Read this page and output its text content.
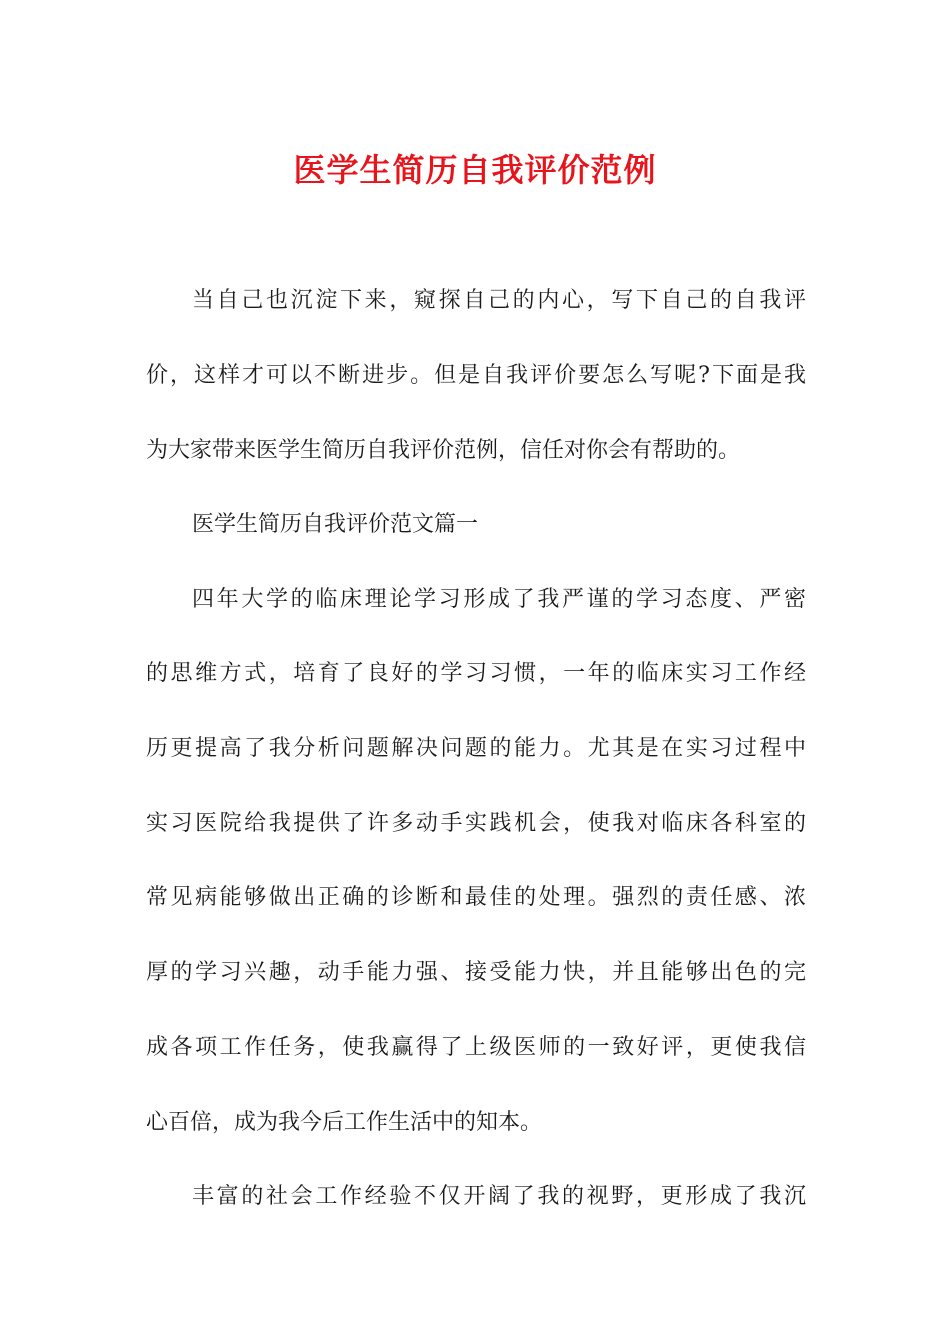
医学生简历自我评价范例
当自己也沉淀下来，窥探自己的内心，写下自己的自我评
价，这样才可以不断进步。但是自我评价要怎么写呢?下面是我
为大家带来医学生简历自我评价范例，信任对你会有帮助的。
医学生简历自我评价范文篇一
四年大学的临床理论学习形成了我严谨的学习态度、严密
的思维方式，培育了良好的学习习惯，一年的临床实习工作经
历更提高了我分析问题解决问题的能力。尤其是在实习过程中
实习医院给我提供了许多动手实践机会，使我对临床各科室的
常见病能够做出正确的诊断和最佳的处理。强烈的责任感、浓
厚的学习兴趣，动手能力强、接受能力快，并且能够出色的完
成各项工作任务，使我赢得了上级医师的一致好评，更使我信
心百倍，成为我今后工作生活中的知本。
丰富的社会工作经验不仅开阔了我的视野，更形成了我沉
